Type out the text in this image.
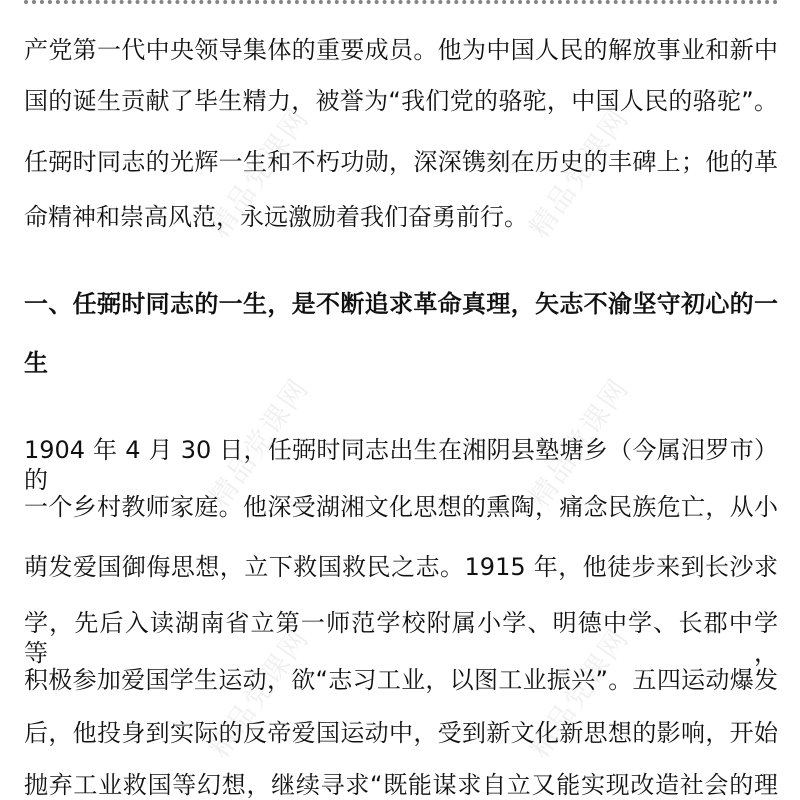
精品党课网	精品党课网
精品党课网	精品党课网
精品党课网	精品党课网
产党第一代中央领导集体的重要成员。他为中国人民的解放事业和新中
国的诞生贡献了毕生精力，被誉为“我们党的骆驼，中国人民的骆驼”。
任弼时同志的光辉一生和不朽功勋，深深镌刻在历史的丰碑上；他的革
命精神和崇高风范，永远激励着我们奋勇前行。
一、任弼时同志的一生，是不断追求革命真理，矢志不渝坚守初心的一
生
1904 年 4 月 30 日，任弼时同志出生在湘阴县塾塘乡（今属汨罗市）的
一个乡村教师家庭。他深受湖湘文化思想的熏陶，痛念民族危亡，从小
萌发爱国御侮思想，立下救国救民之志。1915 年，他徒步来到长沙求
学，先后入读湖南省立第一师范学校附属小学、明德中学、长郡中学等，
积极参加爱国学生运动，欲“志习工业，以图工业振兴”。五四运动爆发
后，他投身到实际的反帝爱国运动中，受到新文化新思想的影响，开始
抛弃工业救国等幻想，继续寻求“既能谋求自立又能实现改造社会的理
